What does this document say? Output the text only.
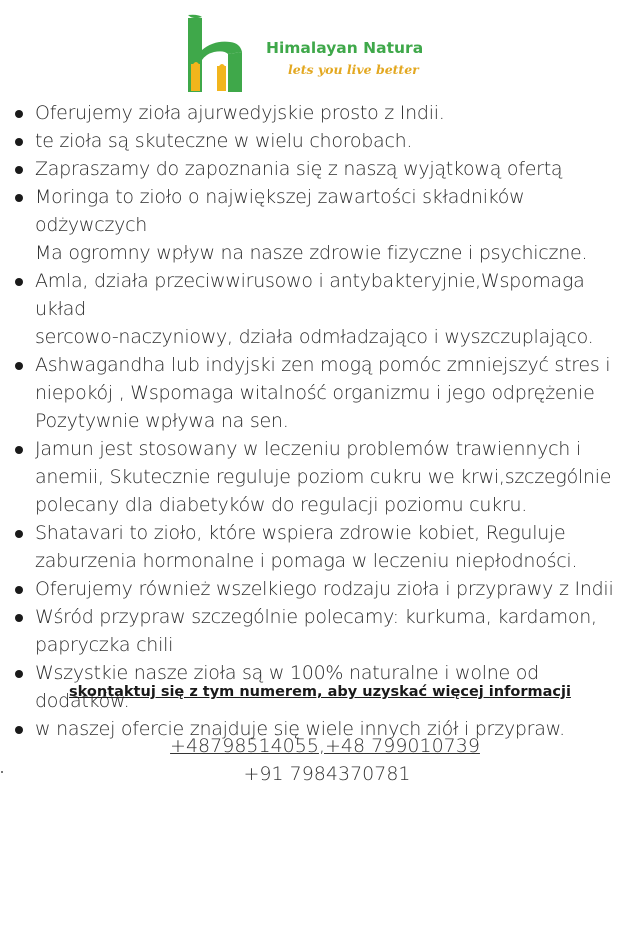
Himalayan Natura
lets you live better
Oferujemy zioła ajurwedyjskie prosto z Indii.
te zioła są skuteczne w wielu chorobach.
Zapraszamy do zapoznania się z naszą wyjątkową ofertą
Moringa to zioło o największej zawartości składników odżywczych
Ma ogromny wpływ na nasze zdrowie fizyczne i psychiczne.
Amla, działa przeciwwirusowo i antybakteryjnie,Wspomaga układ
sercowo-naczyniowy, działa odmładzająco i wyszczuplająco.
Ashwagandha lub indyjski zen mogą pomóc zmniejszyć stres i
niepokój , Wspomaga witalność organizmu i jego odprężenie
Pozytywnie wpływa na sen.
Jamun jest stosowany w leczeniu problemów trawiennych i
anemii, Skutecznie reguluje poziom cukru we krwi,szczególnie
polecany dla diabetyków do regulacji poziomu cukru.
Shatavari to zioło, które wspiera zdrowie kobiet, Reguluje
zaburzenia hormonalne i pomaga w leczeniu niepłodności.
Oferujemy również wszelkiego rodzaju zioła i przyprawy z Indii
Wśród przypraw szczególnie polecamy: kurkuma, kardamon,
papryczka chili
Wszystkie nasze zioła są w 100% naturalne i wolne od dodatków.
w naszej ofercie znajduje się wiele innych ziół i przypraw.
skontaktuj się z tym numerem, aby uzyskać więcej informacji
+48798514055,+48 799010739
+91 7984370781
